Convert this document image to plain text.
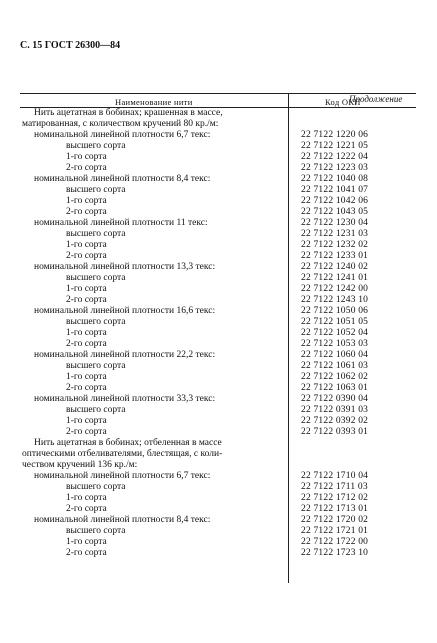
С. 15 ГОСТ 26300—84
Продолжение
Наименование нити	Код ОКП
Нить ацетатная в бобинах; крашенная в массе,
матированная, с количеством кручений 80 кр./м:
номинальной линейной плотности 6,7 текс:	22 7122 1220 06
высшего сорта	22 7122 1221 05
1-го сорта	22 7122 1222 04
2-го сорта	22 7122 1223 03
номинальной линейной плотности 8,4 текс:	22 7122 1040 08
высшего сорта	22 7122 1041 07
1-го сорта	22 7122 1042 06
2-го сорта	22 7122 1043 05
номинальной линейной плотности 11 текс:	22 7122 1230 04
высшего сорта	22 7122 1231 03
1-го сорта	22 7122 1232 02
2-го сорта	22 7122 1233 01
номинальной линейной плотности 13,3 текс:	22 7122 1240 02
высшего сорта	22 7122 1241 01
1-го сорта	22 7122 1242 00
2-го сорта	22 7122 1243 10
номинальной линейной плотности 16,6 текс:	22 7122 1050 06
высшего сорта	22 7122 1051 05
1-го сорта	22 7122 1052 04
2-го сорта	22 7122 1053 03
номинальной линейной плотности 22,2 текс:	22 7122 1060 04
высшего сорта	22 7122 1061 03
1-го сорта	22 7122 1062 02
2-го сорта	22 7122 1063 01
номинальной линейной плотности 33,3 текс:	22 7122 0390 04
высшего сорта	22 7122 0391 03
1-го сорта	22 7122 0392 02
2-го сорта	22 7122 0393 01
Нить ацетатная в бобинах; отбеленная в массе
оптическими отбеливателями, блестящая, с коли-
чеством кручений 136 кр./м:
номинальной линейной плотности 6,7 текс:	22 7122 1710 04
высшего сорта	22 7122 1711 03
1-го сорта	22 7122 1712 02
2-го сорта	22 7122 1713 01
номинальной линейной плотности 8,4 текс:	22 7122 1720 02
высшего сорта	22 7122 1721 01
1-го сорта	22 7122 1722 00
2-го сорта	22 7122 1723 10
